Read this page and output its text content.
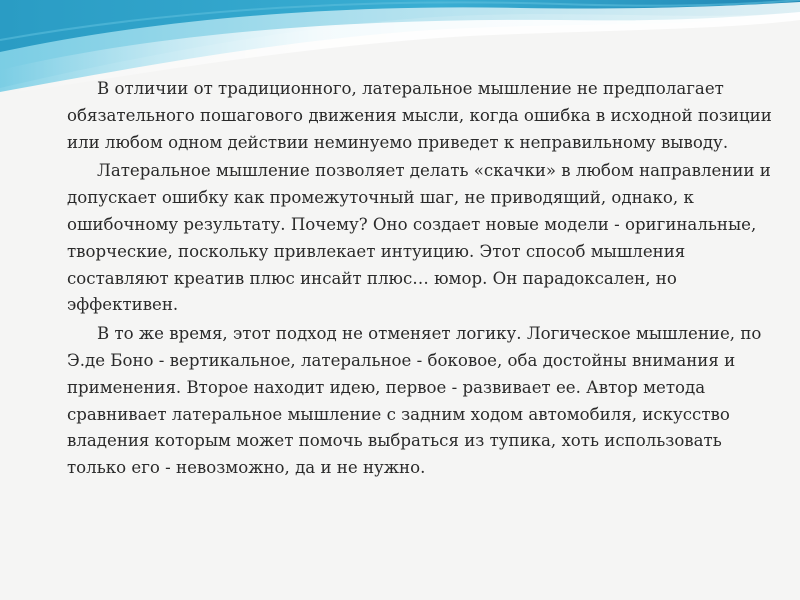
В отличии от традиционного, латеральное мышление не предполагает обязательного пошагового движения мысли, когда ошибка в исходной позиции или любом одном действии неминуемо приведет к неправильному выводу.

Латеральное мышление позволяет делать «скачки» в любом направлении и допускает ошибку как промежуточный шаг, не приводящий, однако, к ошибочному результату. Почему? Оно создает новые модели - оригинальные, творческие, поскольку привлекает интуицию. Этот способ мышления составляют креатив плюс инсайт плюс… юмор. Он парадоксален, но эффективен.

В то же время, этот подход не отменяет логику. Логическое мышление, по Э.де Боно - вертикальное, латеральное - боковое, оба достойны внимания и применения. Второе находит идею, первое - развивает ее. Автор метода сравнивает латеральное мышление с задним ходом автомобиля, искусство владения которым может помочь выбраться из тупика, хоть использовать только его - невозможно, да и не нужно.
